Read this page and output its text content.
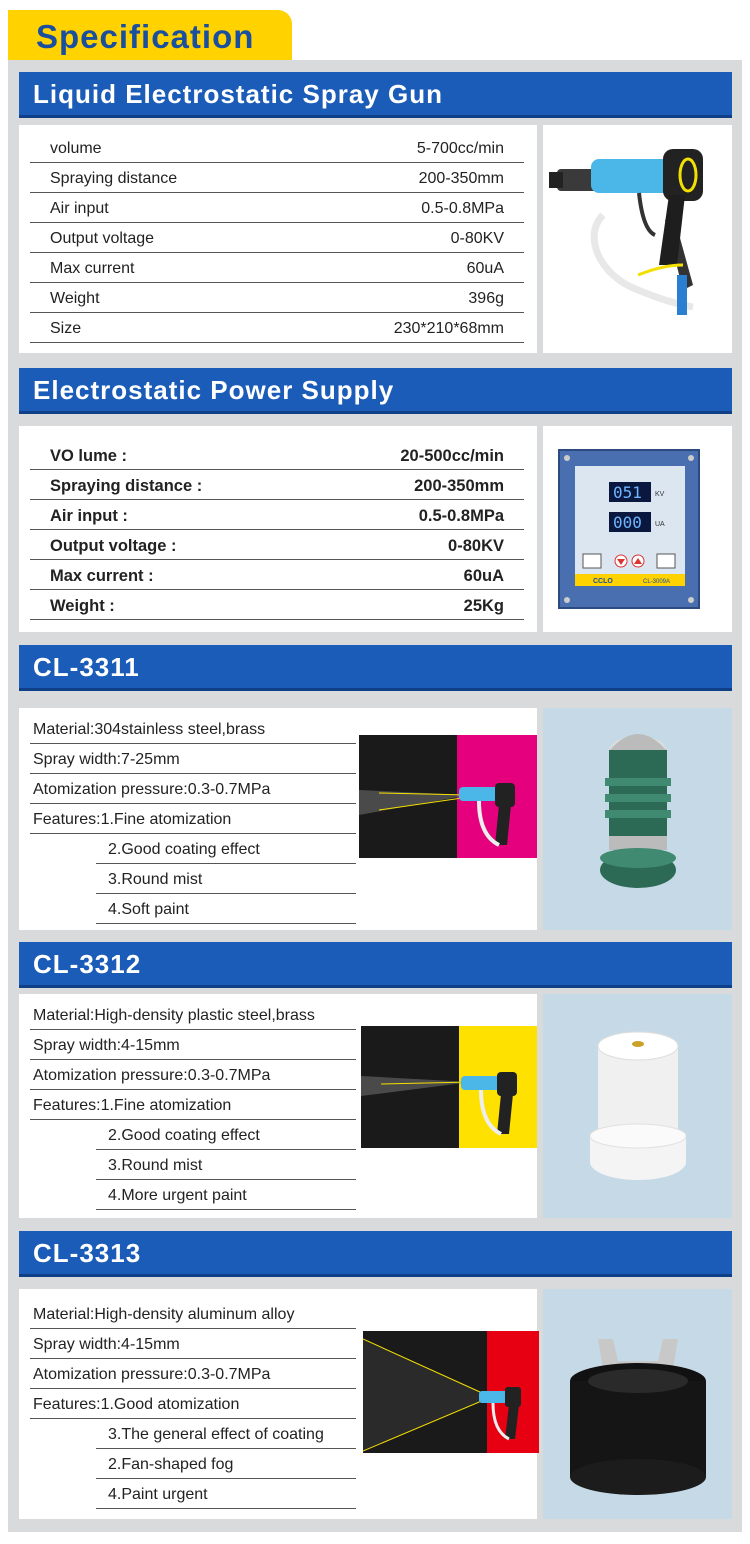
Specification
Liquid Electrostatic Spray Gun
volume	5-700cc/min
Spraying distance	200-350mm
Air input	0.5-0.8MPa
Output voltage	0-80KV
Max current	60uA
Weight	396g
Size	230*210*68mm
Electrostatic Power Supply
VO lume :	20-500cc/min
Spraying distance :	200-350mm
Air input :	0.5-0.8MPa
Output voltage :	0-80KV
Max current :	60uA
Weight :	25Kg
051 KV
000 UA
CCLO	CL-3009A
CL-3311
Material:304stainless steel,brass
Spray width:7-25mm
Atomization pressure:0.3-0.7MPa
Features:1.Fine atomization
2.Good coating effect
3.Round mist
4.Soft paint
CL-3312
Material:High-density plastic steel,brass
Spray width:4-15mm
Atomization pressure:0.3-0.7MPa
Features:1.Fine atomization
2.Good coating effect
3.Round mist
4.More urgent paint
CL-3313
Material:High-density aluminum alloy
Spray width:4-15mm
Atomization pressure:0.3-0.7MPa
Features:1.Good atomization
3.The general effect of coating
2.Fan-shaped fog
4.Paint urgent
